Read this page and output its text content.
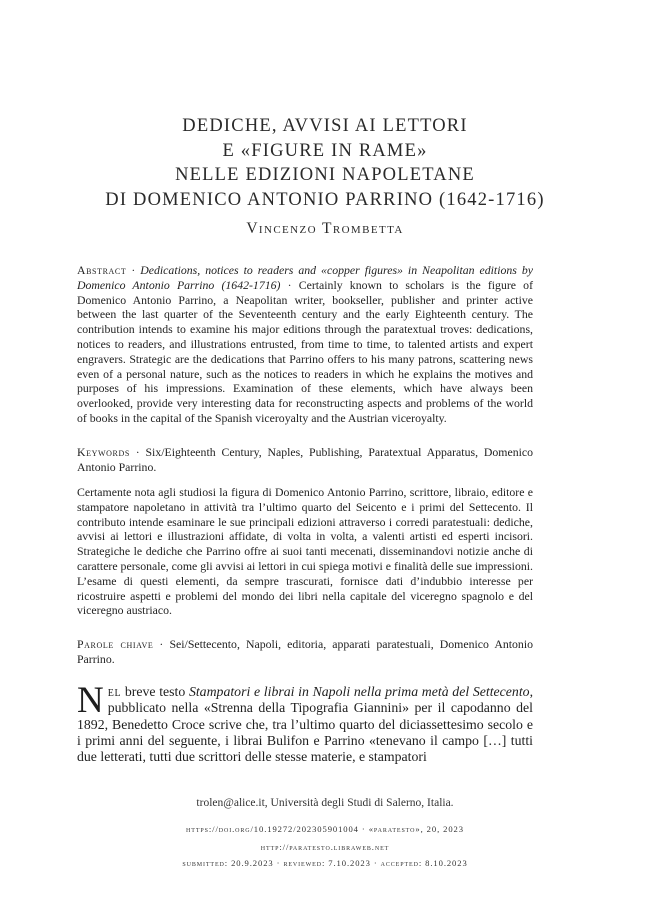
DEDICHE, AVVISI AI LETTORI
E «FIGURE IN RAME»
NELLE EDIZIONI NAPOLETANE
DI DOMENICO ANTONIO PARRINO (1642-1716)
Vincenzo Trombetta
Abstract · Dedications, notices to readers and «copper figures» in Neapolitan editions by Domenico Antonio Parrino (1642-1716) · Certainly known to scholars is the figure of Domenico Antonio Parrino, a Neapolitan writer, bookseller, publisher and printer active between the last quarter of the Seventeenth century and the early Eighteenth century. The contribution intends to examine his major editions through the paratextual troves: dedications, notices to readers, and illustrations entrusted, from time to time, to talented artists and expert engravers. Strategic are the dedications that Parrino offers to his many patrons, scattering news even of a personal nature, such as the notices to readers in which he explains the motives and purposes of his impressions. Examination of these elements, which have always been overlooked, provide very interesting data for reconstructing aspects and problems of the world of books in the capital of the Spanish viceroyalty and the Austrian viceroyalty.
Keywords · Six/Eighteenth Century, Naples, Publishing, Paratextual Apparatus, Domenico Antonio Parrino.
Certamente nota agli studiosi la figura di Domenico Antonio Parrino, scrittore, libraio, editore e stampatore napoletano in attività tra l’ultimo quarto del Seicento e i primi del Settecento. Il contributo intende esaminare le sue principali edizioni attraverso i corredi paratestuali: dediche, avvisi ai lettori e illustrazioni affidate, di volta in volta, a valenti artisti ed esperti incisori. Strategiche le dediche che Parrino offre ai suoi tanti mecenati, disseminandovi notizie anche di carattere personale, come gli avvisi ai lettori in cui spiega motivi e finalità delle sue impressioni. L’esame di questi elementi, da sempre trascurati, fornisce dati d’indubbio interesse per ricostruire aspetti e problemi del mondo dei libri nella capitale del viceregno spagnolo e del viceregno austriaco.
Parole chiave · Sei/Settecento, Napoli, editoria, apparati paratestuali, Domenico Antonio Parrino.
Nel breve testo Stampatori e librai in Napoli nella prima metà del Settecento, pubblicato nella «Strenna della Tipografia Giannini» per il capodanno del 1892, Benedetto Croce scrive che, tra l’ultimo quarto del diciassettesimo secolo e i primi anni del seguente, i librai Bulifon e Parrino «tenevano il campo […] tutti due letterati, tutti due scrittori delle stesse materie, e stampatori
trolen@alice.it, Università degli Studi di Salerno, Italia.
https://doi.org/10.19272/202305901004 · «paratesto», 20, 2023
http://paratesto.libraweb.net
submitted: 20.9.2023 · reviewed: 7.10.2023 · accepted: 8.10.2023
